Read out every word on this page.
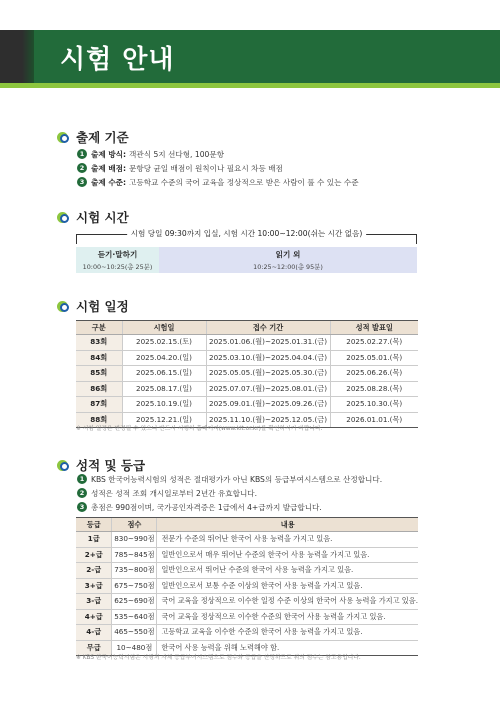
시험 안내
출제 기준
1 출제 방식: 객관식 5지 선다형, 100문항
2 출제 배점: 문항당 균일 배점이 원칙이나 필요시 차등 배점
3 출제 수준: 고등학교 수준의 국어 교육을 정상적으로 받은 사람이 풀 수 있는 수준
시험 시간
시험 당일 09:30까지 입실, 시험 시간 10:00~12:00(쉬는 시간 없음)
듣기·말하기
10:00~10:25(총 25분)
읽기 외
10:25~12:00(총 95분)
시험 일정
구분	시험일	접수 기간	성적 발표일
83회	2025.02.15.(토)	2025.01.06.(월)~2025.01.31.(금)	2025.02.27.(목)
84회	2025.04.20.(일)	2025.03.10.(월)~2025.04.04.(금)	2025.05.01.(목)
85회	2025.06.15.(일)	2025.05.05.(월)~2025.05.30.(금)	2025.06.26.(목)
86회	2025.08.17.(일)	2025.07.07.(월)~2025.08.01.(금)	2025.08.28.(목)
87회	2025.10.19.(일)	2025.09.01.(월)~2025.09.26.(금)	2025.10.30.(목)
88회	2025.12.21.(일)	2025.11.10.(월)~2025.12.05.(금)	2026.01.01.(목)
※ 시험 일정은 변경될 수 있으니 반드시 시행처 홈페이지(www.klt.or.kr)를 확인하시기 바랍니다.
성적 및 등급
1 KBS 한국어능력시험의 성적은 절대평가가 아닌 KBS의 등급부여시스템으로 산정합니다.
2 성적은 성적 조회 개시일로부터 2년간 유효합니다.
3 총점은 990점이며, 국가공인자격증은 1급에서 4+급까지 발급합니다.
등급	점수	내용
1급	830~990점	전문가 수준의 뛰어난 한국어 사용 능력을 가지고 있음.
2+급	785~845점	일반인으로서 매우 뛰어난 수준의 한국어 사용 능력을 가지고 있음.
2-급	735~800점	일반인으로서 뛰어난 수준의 한국어 사용 능력을 가지고 있음.
3+급	675~750점	일반인으로서 보통 수준 이상의 한국어 사용 능력을 가지고 있음.
3-급	625~690점	국어 교육을 정상적으로 이수한 일정 수준 이상의 한국어 사용 능력을 가지고 있음.
4+급	535~640점	국어 교육을 정상적으로 이수한 수준의 한국어 사용 능력을 가지고 있음.
4-급	465~550점	고등학교 교육을 이수한 수준의 한국어 사용 능력을 가지고 있음.
무급	10~480점	한국어 사용 능력을 위해 노력해야 함.
※ KBS 한국어능력시험은 시행처 자체 등급부여시스템으로 점수와 등급을 산정하므로 위의 점수는 참고용입니다.
